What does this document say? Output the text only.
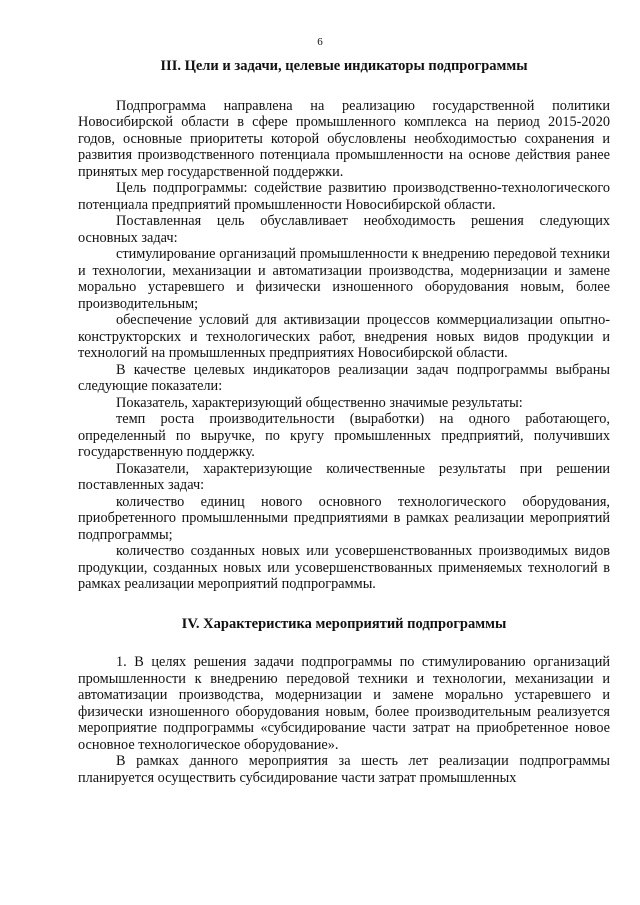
6
III. Цели и задачи, целевые индикаторы подпрограммы

Подпрограмма направлена на реализацию государственной политики Новосибирской области в сфере промышленного комплекса на период 2015-2020 годов, основные приоритеты которой обусловлены необходимостью сохранения и развития производственного потенциала промышленности на основе действия ранее принятых мер государственной поддержки.

Цель подпрограммы: содействие развитию производственно-технологического потенциала предприятий промышленности Новосибирской области.

Поставленная цель обуславливает необходимость решения следующих основных задач:

стимулирование организаций промышленности к внедрению передовой техники и технологии, механизации и автоматизации производства, модернизации и замене морально устаревшего и физически изношенного оборудования новым, более производительным;

обеспечение условий для активизации процессов коммерциализации опытно-конструкторских и технологических работ, внедрения новых видов продукции и технологий на промышленных предприятиях Новосибирской области.

В качестве целевых индикаторов реализации задач подпрограммы выбраны следующие показатели:

Показатель, характеризующий общественно значимые результаты:

темп роста производительности (выработки) на одного работающего, определенный по выручке, по кругу промышленных предприятий, получивших государственную поддержку.

Показатели, характеризующие количественные результаты при решении поставленных задач:

количество единиц нового основного технологического оборудования, приобретенного промышленными предприятиями в рамках реализации мероприятий подпрограммы;

количество созданных новых или усовершенствованных производимых видов продукции, созданных новых или усовершенствованных применяемых технологий в рамках реализации мероприятий подпрограммы.

IV. Характеристика мероприятий подпрограммы

1. В целях решения задачи подпрограммы по стимулированию организаций промышленности к внедрению передовой техники и технологии, механизации и автоматизации производства, модернизации и замене морально устаревшего и физически изношенного оборудования новым, более производительным реализуется мероприятие подпрограммы «субсидирование части затрат на приобретенное новое основное технологическое оборудование».

В рамках данного мероприятия за шесть лет реализации подпрограммы планируется осуществить субсидирование части затрат промышленных
